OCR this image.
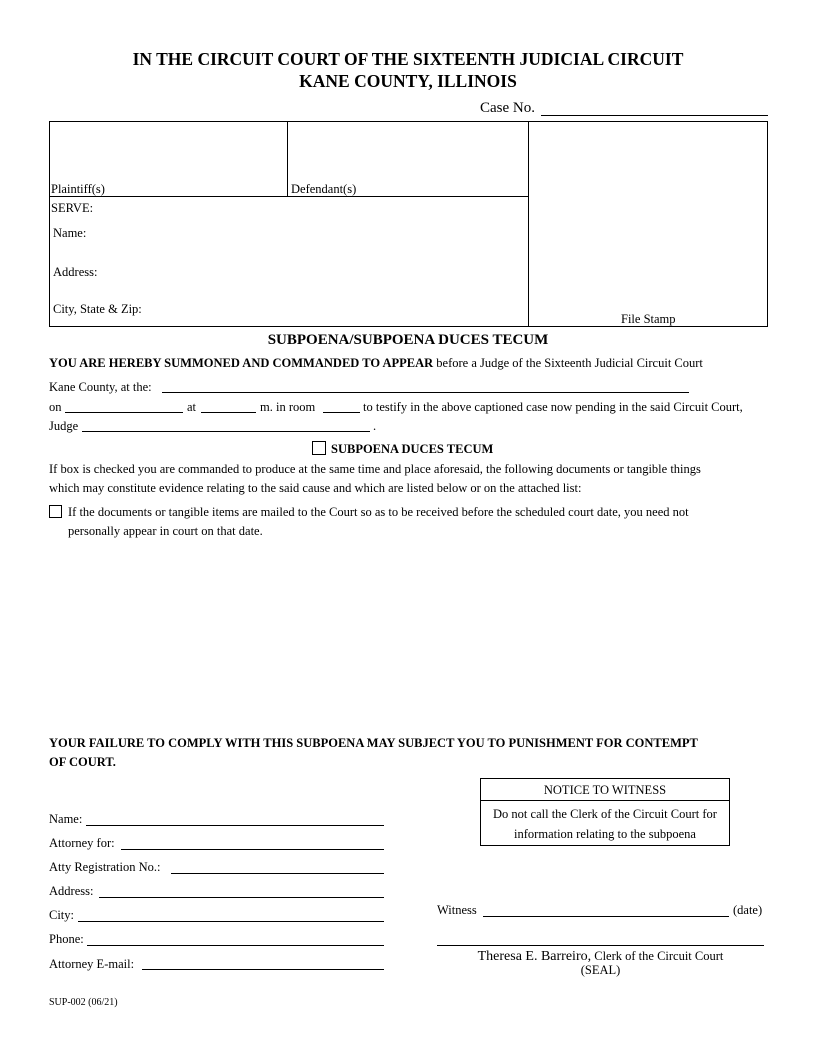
IN THE CIRCUIT COURT OF THE SIXTEENTH JUDICIAL CIRCUIT
KANE COUNTY, ILLINOIS
Case No.
Plaintiff(s)	Defendant(s)
SERVE:
Name:
Address:
City, State & Zip:
File Stamp
SUBPOENA/SUBPOENA DUCES TECUM
YOU ARE HEREBY SUMMONED AND COMMANDED TO APPEAR before a Judge of the Sixteenth Judicial Circuit Court
Kane County, at the:
on	at	m. in room	to testify in the above captioned case now pending in the said Circuit Court,
Judge	.
SUBPOENA DUCES TECUM
If box is checked you are commanded to produce at the same time and place aforesaid, the following documents or tangible things
which may constitute evidence relating to the said cause and which are listed below or on the attached list:
If the documents or tangible items are mailed to the Court so as to be received before the scheduled court date, you need not
personally appear in court on that date.
YOUR FAILURE TO COMPLY WITH THIS SUBPOENA MAY SUBJECT YOU TO PUNISHMENT FOR CONTEMPT
OF COURT.
NOTICE TO WITNESS
Do not call the Clerk of the Circuit Court for
information relating to the subpoena
Name:
Attorney for:
Atty Registration No.:
Address:
City:
Phone:
Attorney E-mail:
Witness	(date)
Theresa E. Barreiro, Clerk of the Circuit Court
(SEAL)
SUP-002 (06/21)
